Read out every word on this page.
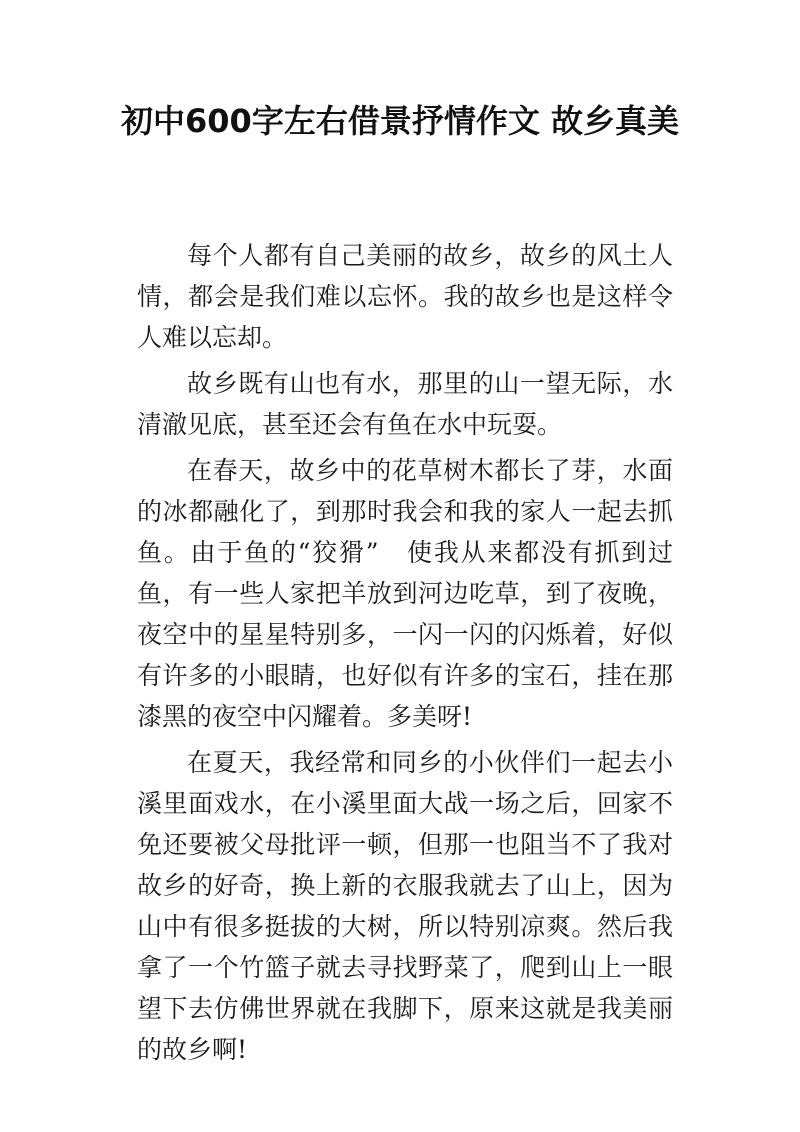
初中600字左右借景抒情作文 故乡真美

每个人都有自己美丽的故乡，故乡的风土人情，都会是我们难以忘怀。我的故乡也是这样令人难以忘却。

故乡既有山也有水，那里的山一望无际，水清澈见底，甚至还会有鱼在水中玩耍。

在春天，故乡中的花草树木都长了芽，水面的冰都融化了，到那时我会和我的家人一起去抓鱼。由于鱼的“狡猾”　使我从来都没有抓到过鱼，有一些人家把羊放到河边吃草，到了夜晚，夜空中的星星特别多，一闪一闪的闪烁着，好似有许多的小眼睛，也好似有许多的宝石，挂在那漆黑的夜空中闪耀着。多美呀!

在夏天，我经常和同乡的小伙伴们一起去小溪里面戏水，在小溪里面大战一场之后，回家不免还要被父母批评一顿，但那一也阻当不了我对故乡的好奇，换上新的衣服我就去了山上，因为山中有很多挺拔的大树，所以特别凉爽。然后我拿了一个竹篮子就去寻找野菜了，爬到山上一眼望下去仿佛世界就在我脚下，原来这就是我美丽的故乡啊!
